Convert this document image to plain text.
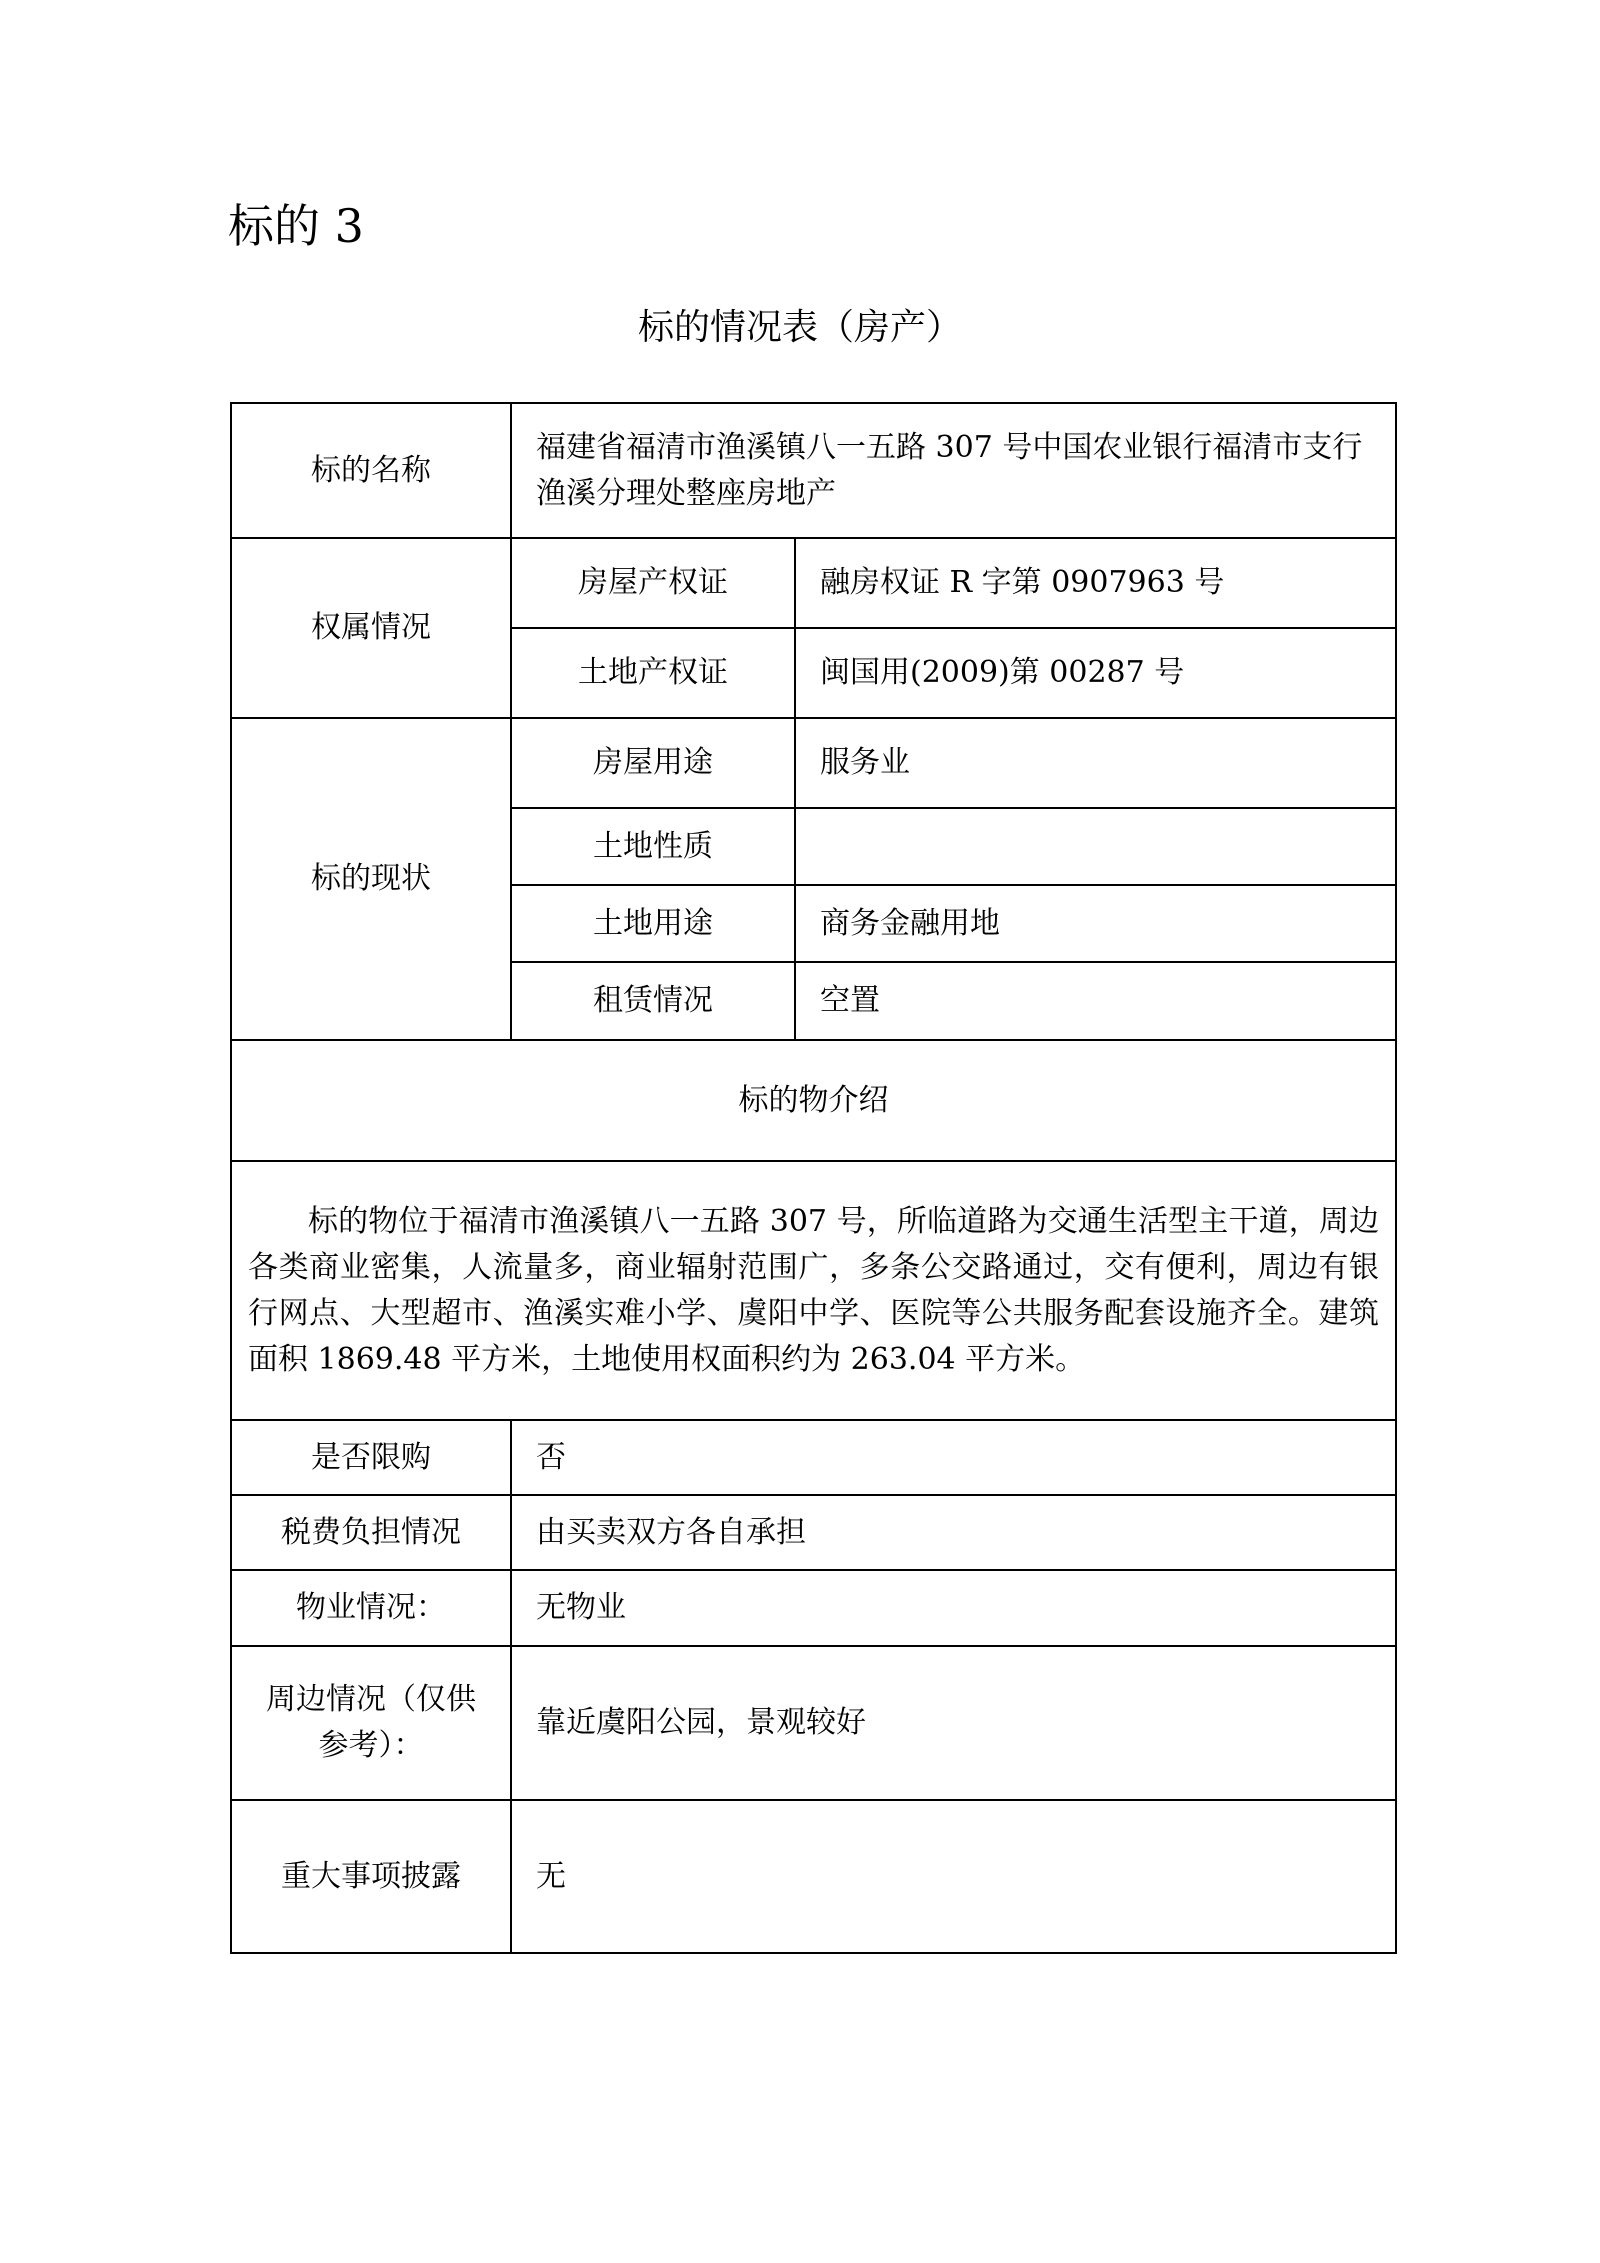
标的 3
标的情况表（房产）
标的名称	福建省福清市渔溪镇八一五路 307 号中国农业银行福清市支行渔溪分理处整座房地产	
权属情况	房屋产权证	融房权证 R 字第 0907963 号
	土地产权证	闽国用(2009)第 00287 号
标的现状	房屋用途	服务业
	土地性质	
	土地用途	商务金融用地
	租赁情况	空置
标的物介绍		

标的物位于福清市渔溪镇八一五路 307 号，所临道路为交通生活型主干道，周边各类商业密集，人流量多，商业辐射范围广，多条公交路通过，交有便利，周边有银行网点、大型超市、渔溪实难小学、虞阳中学、医院等公共服务配套设施齐全。建筑面积 1869.48 平方米，土地使用权面积约为 263.04 平方米。		

是否限购	否	
税费负担情况	由买卖双方各自承担	
物业情况：	无物业	
周边情况（仅供参考）：	靠近虞阳公园，景观较好	
重大事项披露	无	
